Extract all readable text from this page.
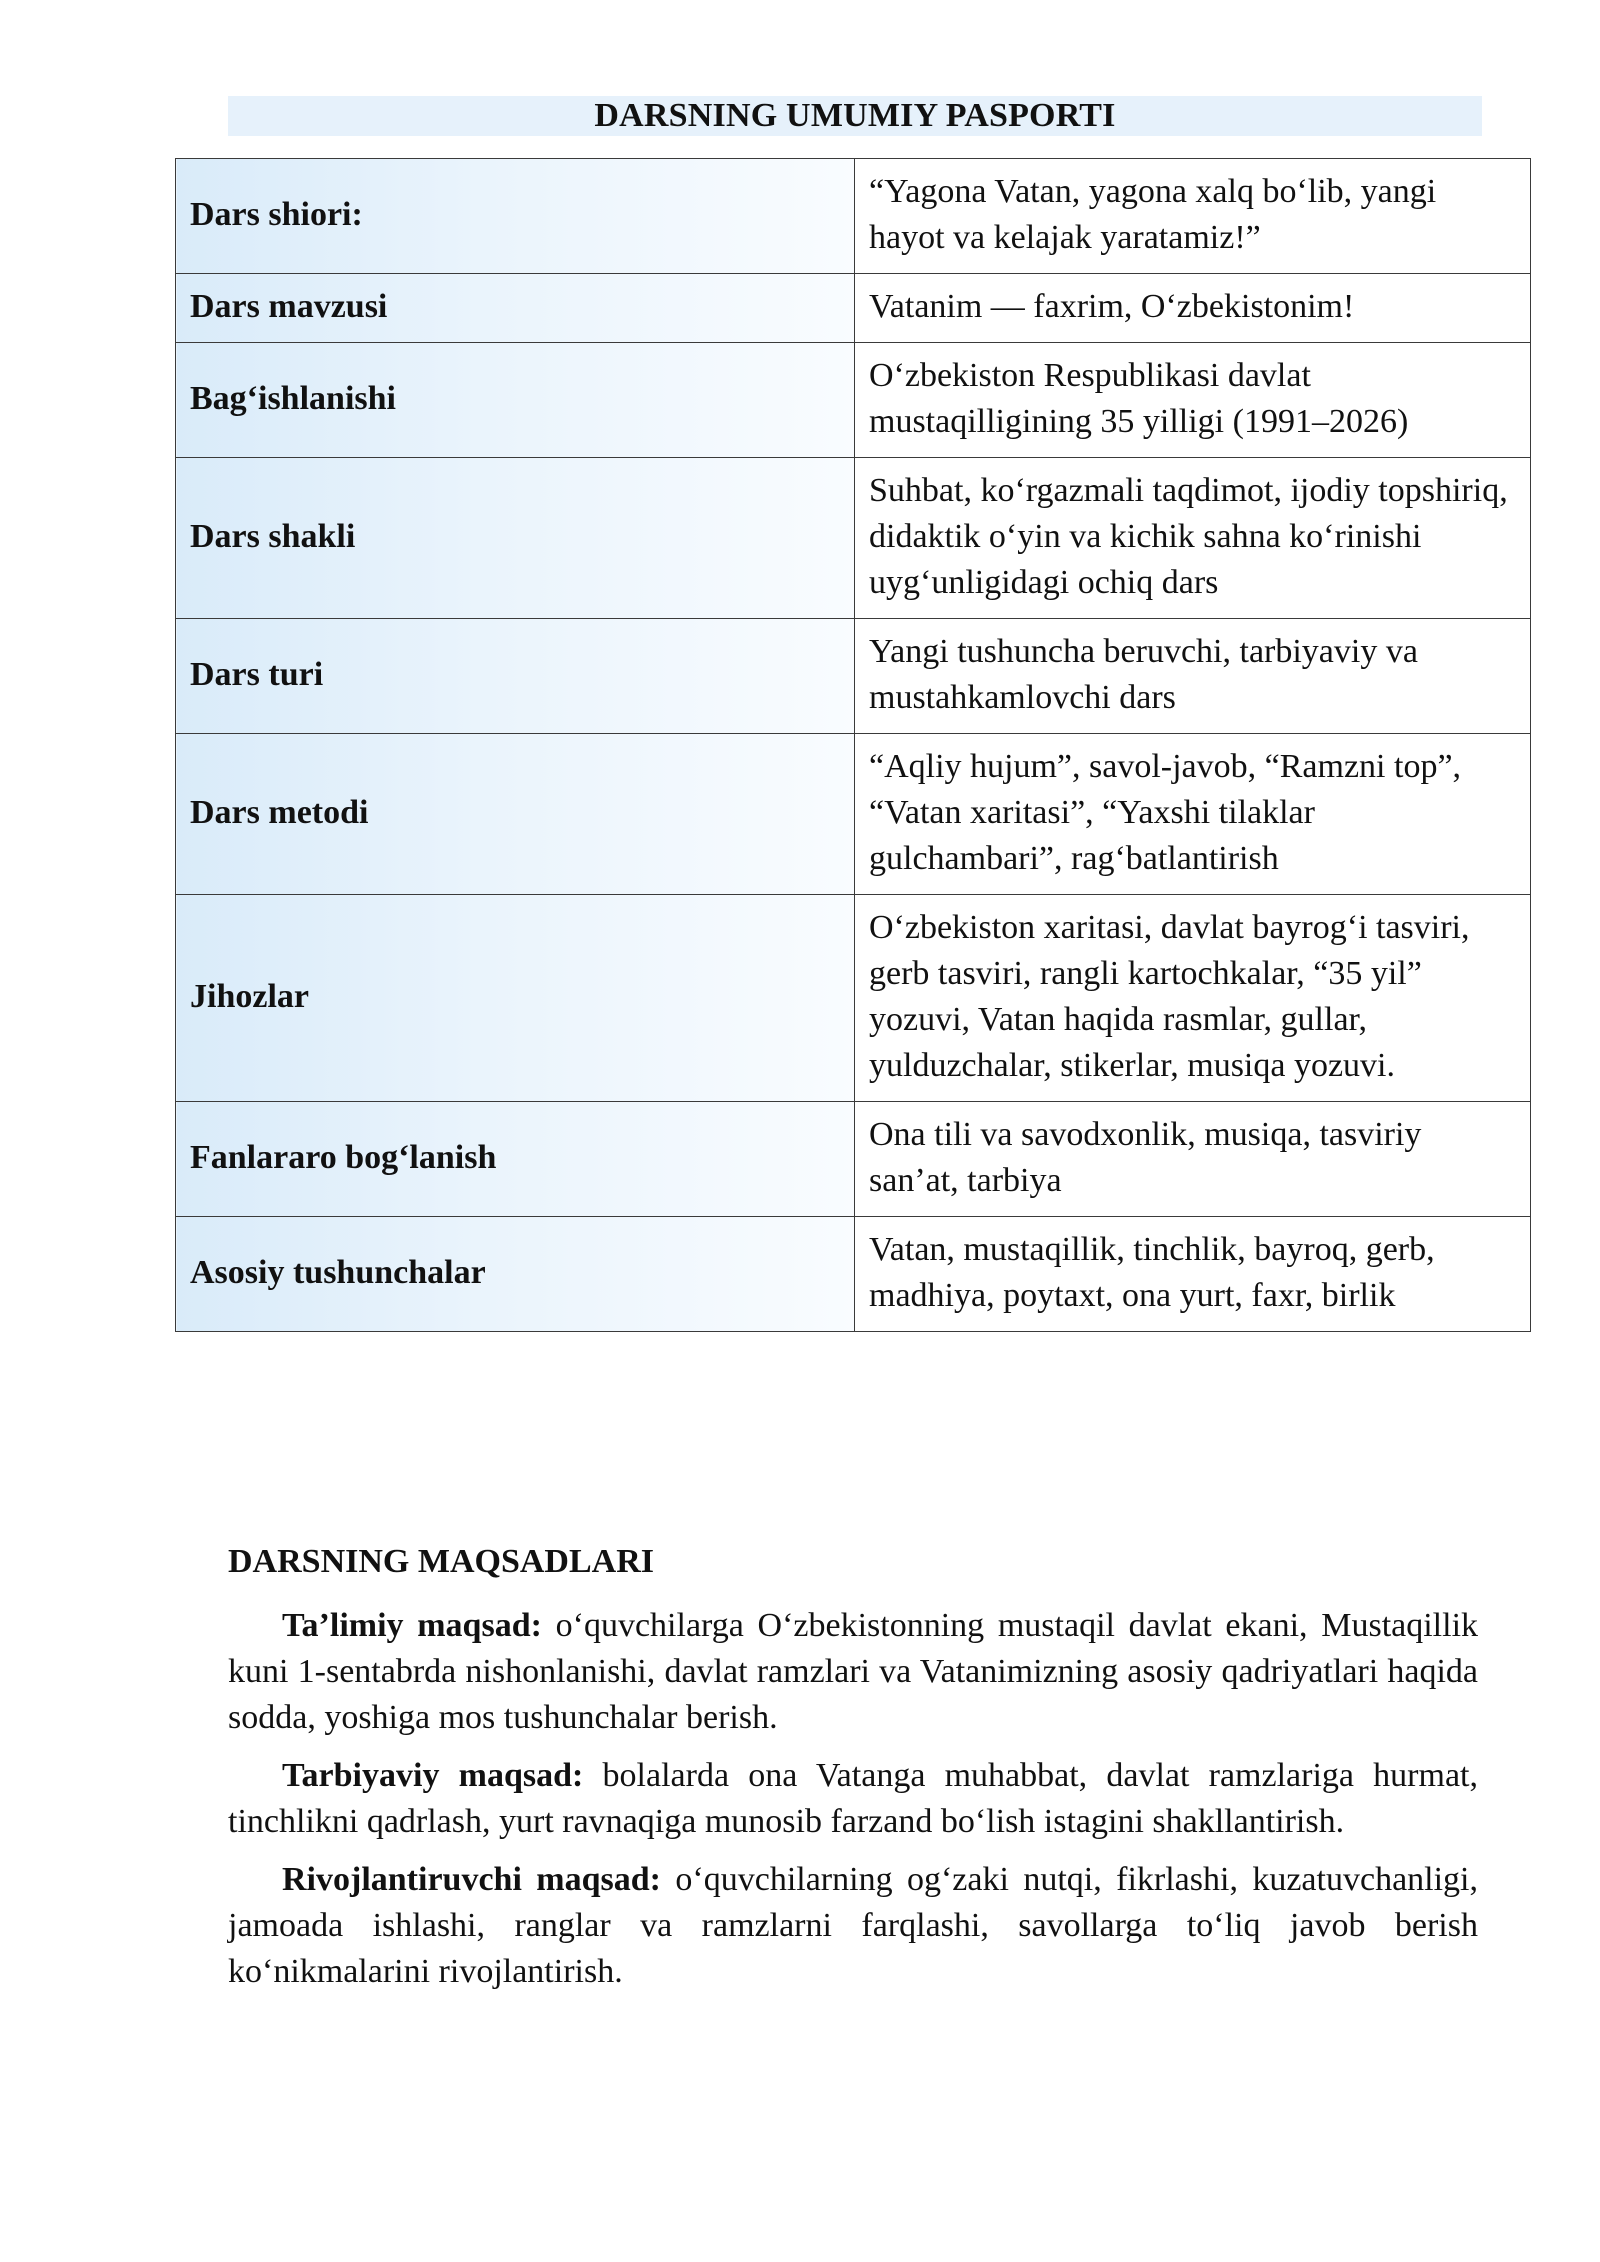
DARSNING UMUMIY PASPORTI
Dars shiori:	“Yagona Vatan, yagona xalq bo‘lib, yangi hayot va kelajak yaratamiz!”
Dars mavzusi	Vatanim — faxrim, O‘zbekistonim!
Bag‘ishlanishi	O‘zbekiston Respublikasi davlat mustaqilligining 35 yilligi (1991–2026)
Dars shakli	Suhbat, ko‘rgazmali taqdimot, ijodiy topshiriq, didaktik o‘yin va kichik sahna ko‘rinishi uyg‘unligidagi ochiq dars
Dars turi	Yangi tushuncha beruvchi, tarbiyaviy va mustahkamlovchi dars
Dars metodi	“Aqliy hujum”, savol-javob, “Ramzni top”, “Vatan xaritasi”, “Yaxshi tilaklar gulchambari”, rag‘batlantirish
Jihozlar	O‘zbekiston xaritasi, davlat bayrog‘i tasviri, gerb tasviri, rangli kartochkalar, “35 yil” yozuvi, Vatan haqida rasmlar, gullar, yulduzchalar, stikerlar, musiqa yozuvi.
Fanlararo bog‘lanish	Ona tili va savodxonlik, musiqa, tasviriy san’at, tarbiya
Asosiy tushunchalar	Vatan, mustaqillik, tinchlik, bayroq, gerb, madhiya, poytaxt, ona yurt, faxr, birlik
DARSNING MAQSADLARI

Ta’limiy maqsad: o‘quvchilarga O‘zbekistonning mustaqil davlat ekani, Mustaqillik kuni 1-sentabrda nishonlanishi, davlat ramzlari va Vatanimizning asosiy qadriyatlari haqida sodda, yoshiga mos tushunchalar berish.

Tarbiyaviy maqsad: bolalarda ona Vatanga muhabbat, davlat ramzlariga hurmat, tinchlikni qadrlash, yurt ravnaqiga munosib farzand bo‘lish istagini shakllantirish.

Rivojlantiruvchi maqsad: o‘quvchilarning og‘zaki nutqi, fikrlashi, kuzatuvchanligi, jamoada ishlashi, ranglar va ramzlarni farqlashi, savollarga to‘liq javob berish ko‘nikmalarini rivojlantirish.
